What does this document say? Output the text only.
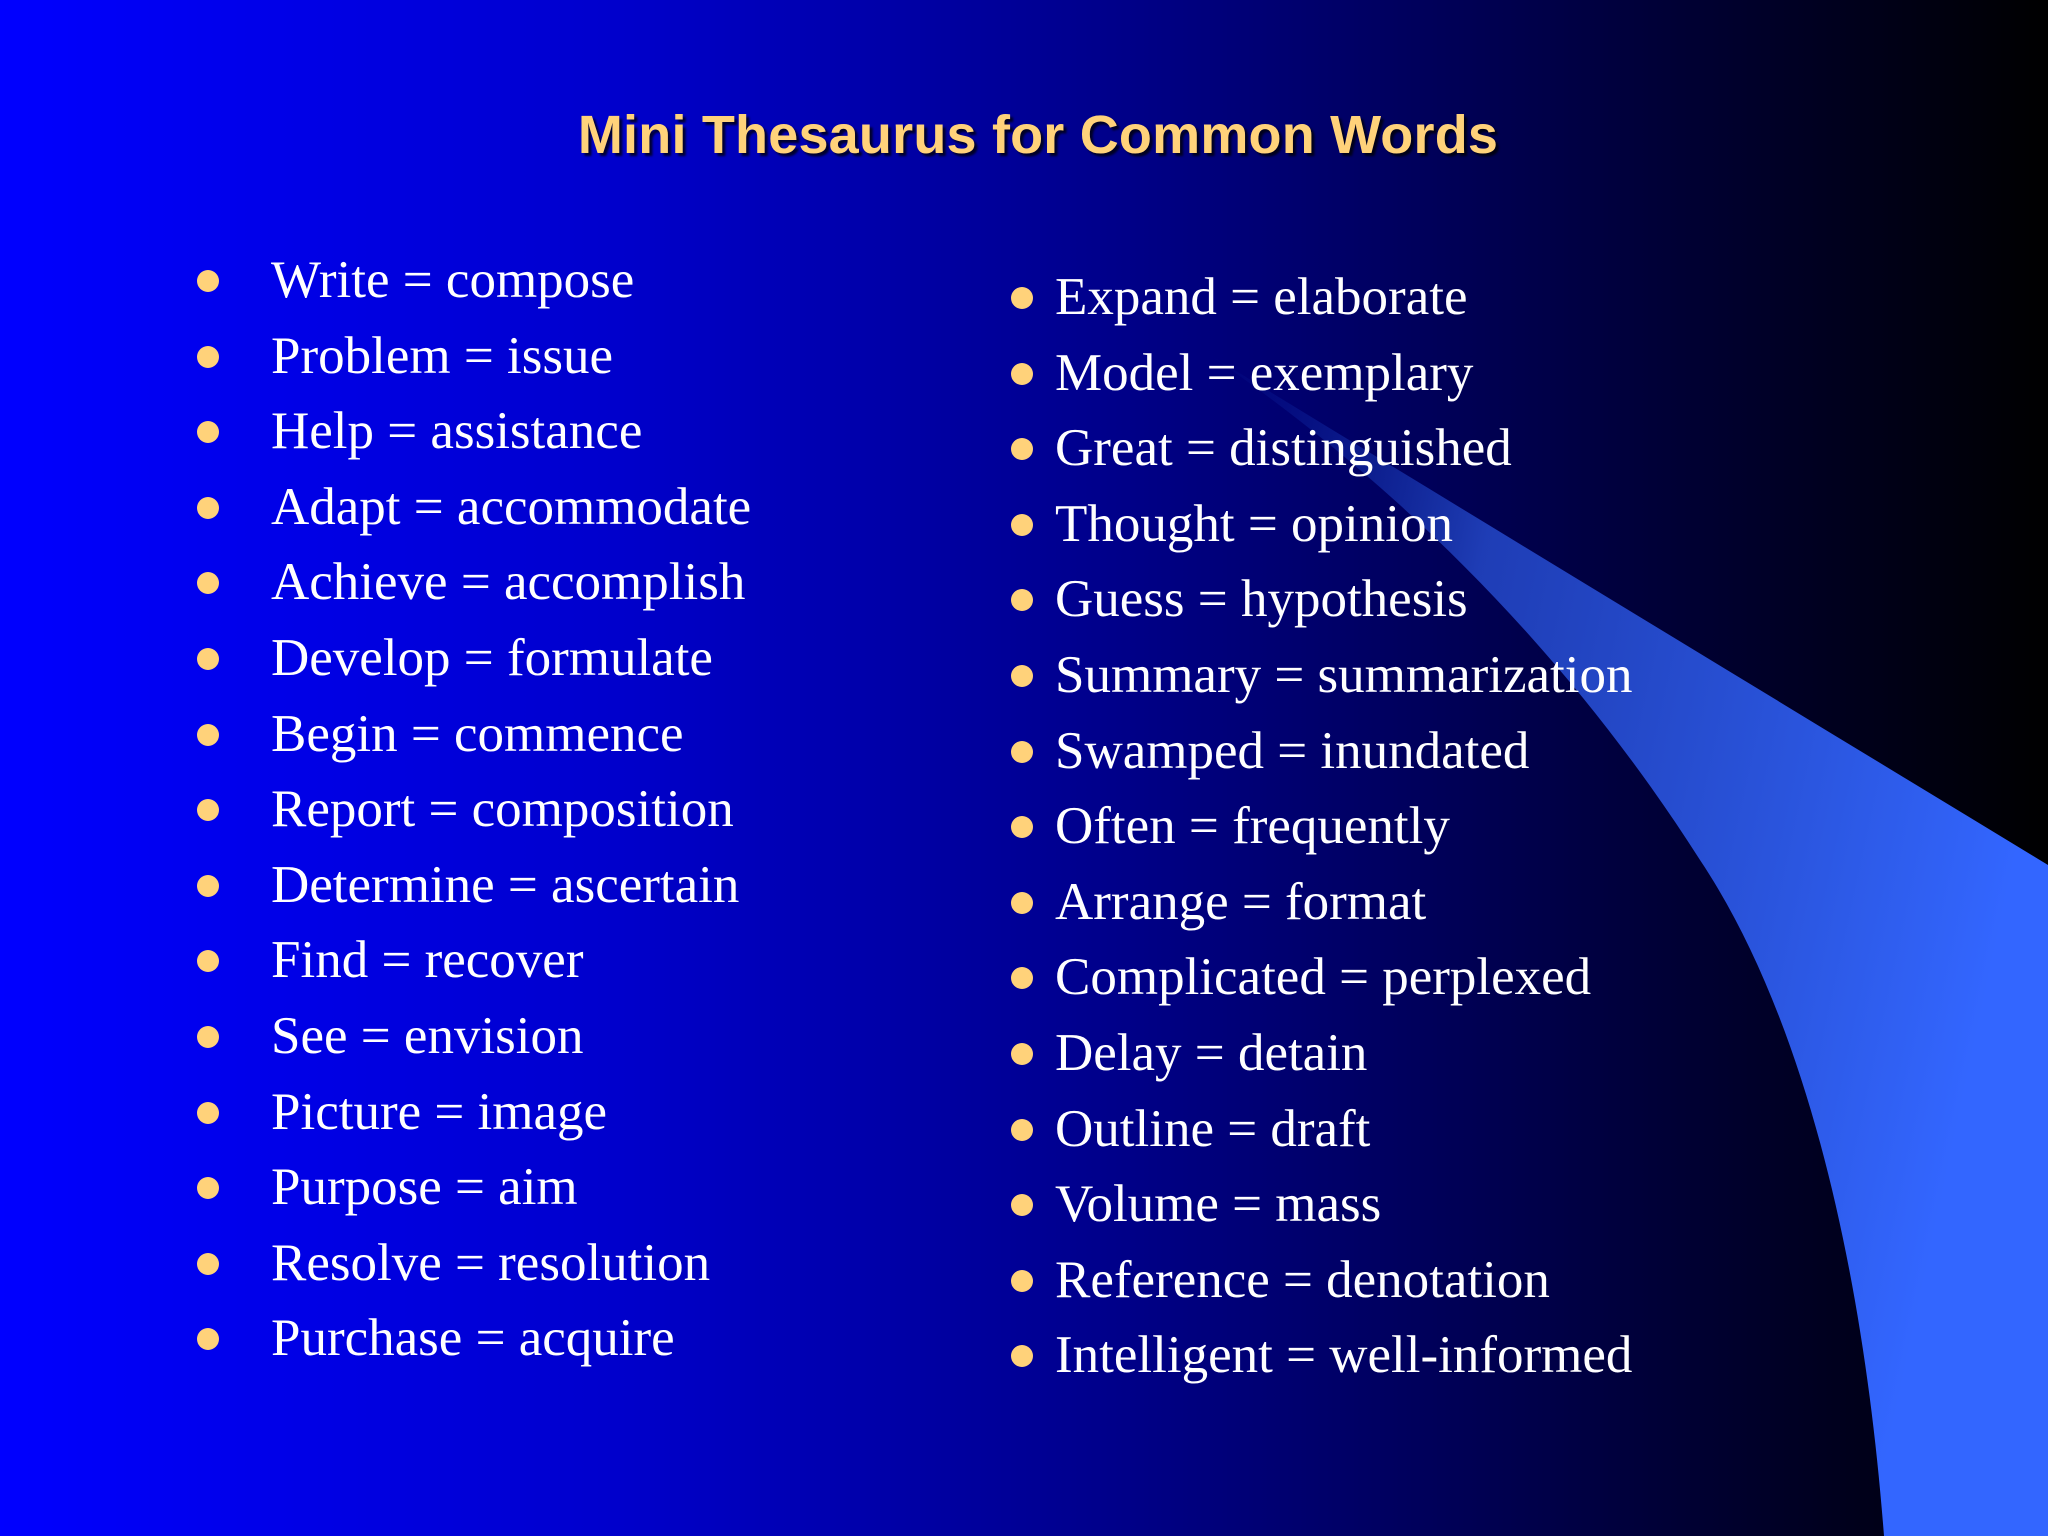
Mini Thesaurus for Common Words
Write = compose
Problem = issue
Help = assistance
Adapt = accommodate
Achieve = accomplish
Develop = formulate
Begin = commence
Report = composition
Determine = ascertain
Find = recover
See = envision
Picture = image
Purpose = aim
Resolve = resolution
Purchase = acquire
Expand = elaborate
Model = exemplary
Great = distinguished
Thought = opinion
Guess = hypothesis
Summary = summarization
Swamped = inundated
Often = frequently
Arrange = format
Complicated = perplexed
Delay = detain
Outline = draft
Volume = mass
Reference = denotation
Intelligent = well-informed
